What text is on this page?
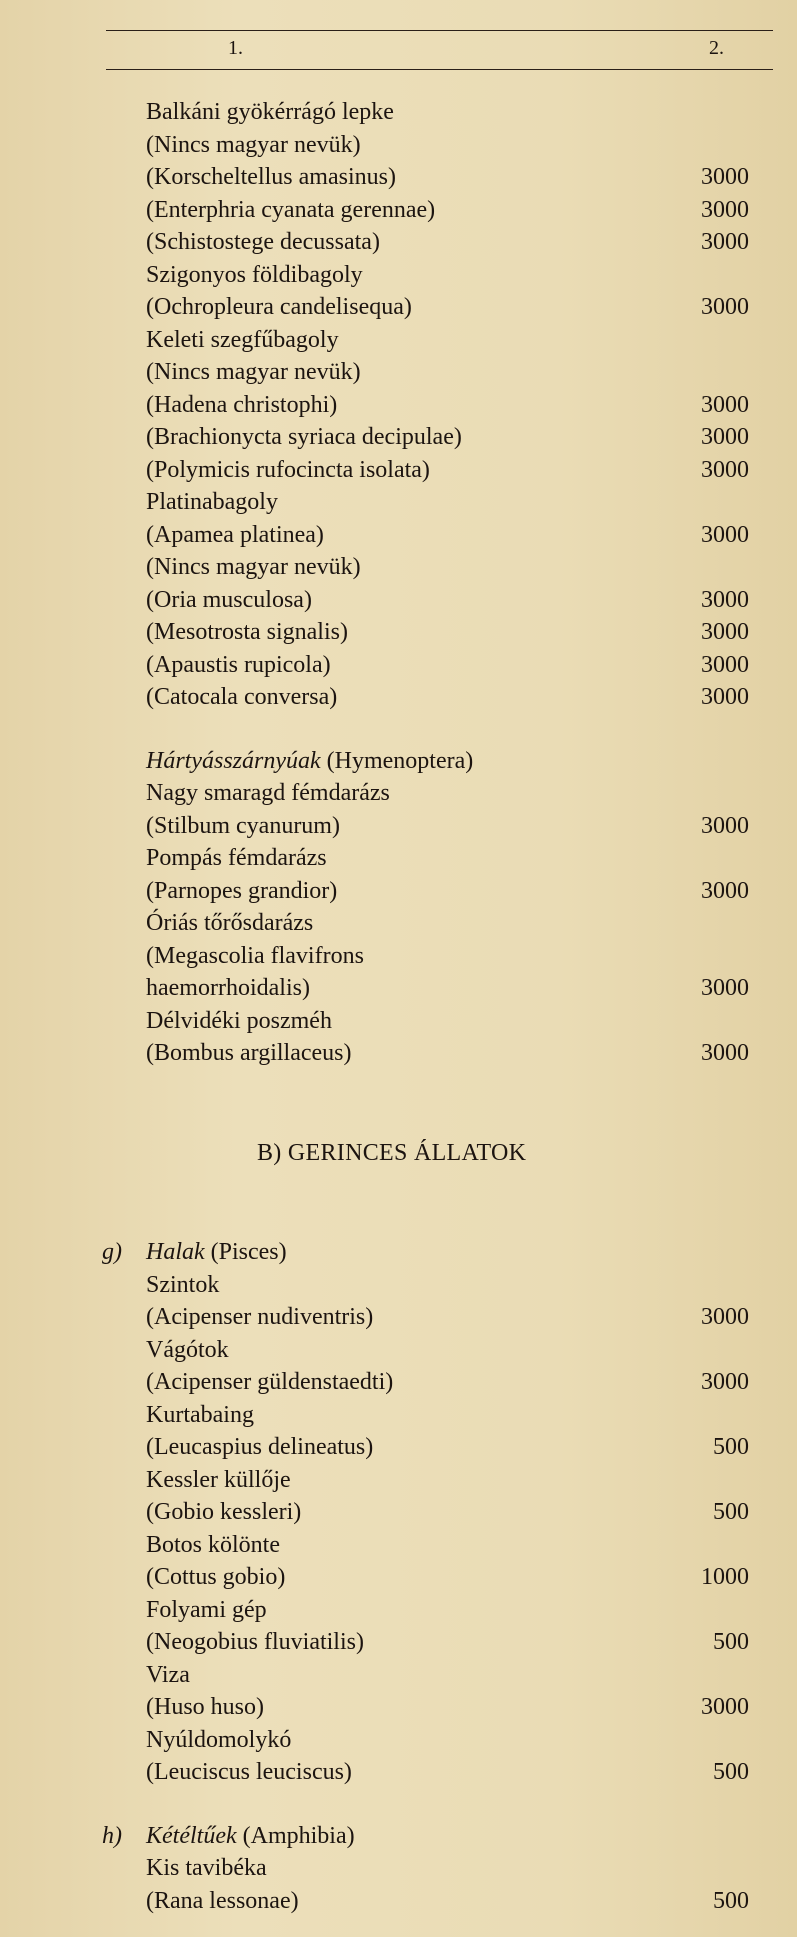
1.	2.
Balkáni gyökérrágó lepke
(Nincs magyar nevük)
(Korscheltellus amasinus)	3000
(Enterphria cyanata gerennae)	3000
(Schistostege decussata)	3000
Szigonyos földibagoly
(Ochropleura candelisequa)	3000
Keleti szegfűbagoly
(Nincs magyar nevük)
(Hadena christophi)	3000
(Brachionycta syriaca decipulae)	3000
(Polymicis rufocincta isolata)	3000
Platinabagoly
(Apamea platinea)	3000
(Nincs magyar nevük)
(Oria musculosa)	3000
(Mesotrosta signalis)	3000
(Apaustis rupicola)	3000
(Catocala conversa)	3000
Hártyásszárnyúak (Hymenoptera)
Nagy smaragd fémdarázs
(Stilbum cyanurum)	3000
Pompás fémdarázs
(Parnopes grandior)	3000
Óriás tőrősdarázs
(Megascolia flavifrons
haemorrhoidalis)	3000
Délvidéki poszméh
(Bombus argillaceus)	3000
B) GERINCES ÁLLATOK
g) Halak (Pisces)
Szintok
(Acipenser nudiventris)	3000
Vágótok
(Acipenser güldenstaedti)	3000
Kurtabaing
(Leucaspius delineatus)	500
Kessler küllője
(Gobio kessleri)	500
Botos kölönte
(Cottus gobio)	1000
Folyami gép
(Neogobius fluviatilis)	500
Viza
(Huso huso)	3000
Nyúldomolykó
(Leuciscus leuciscus)	500
h) Kétéltűek (Amphibia)
Kis tavibéka
(Rana lessonae)	500
